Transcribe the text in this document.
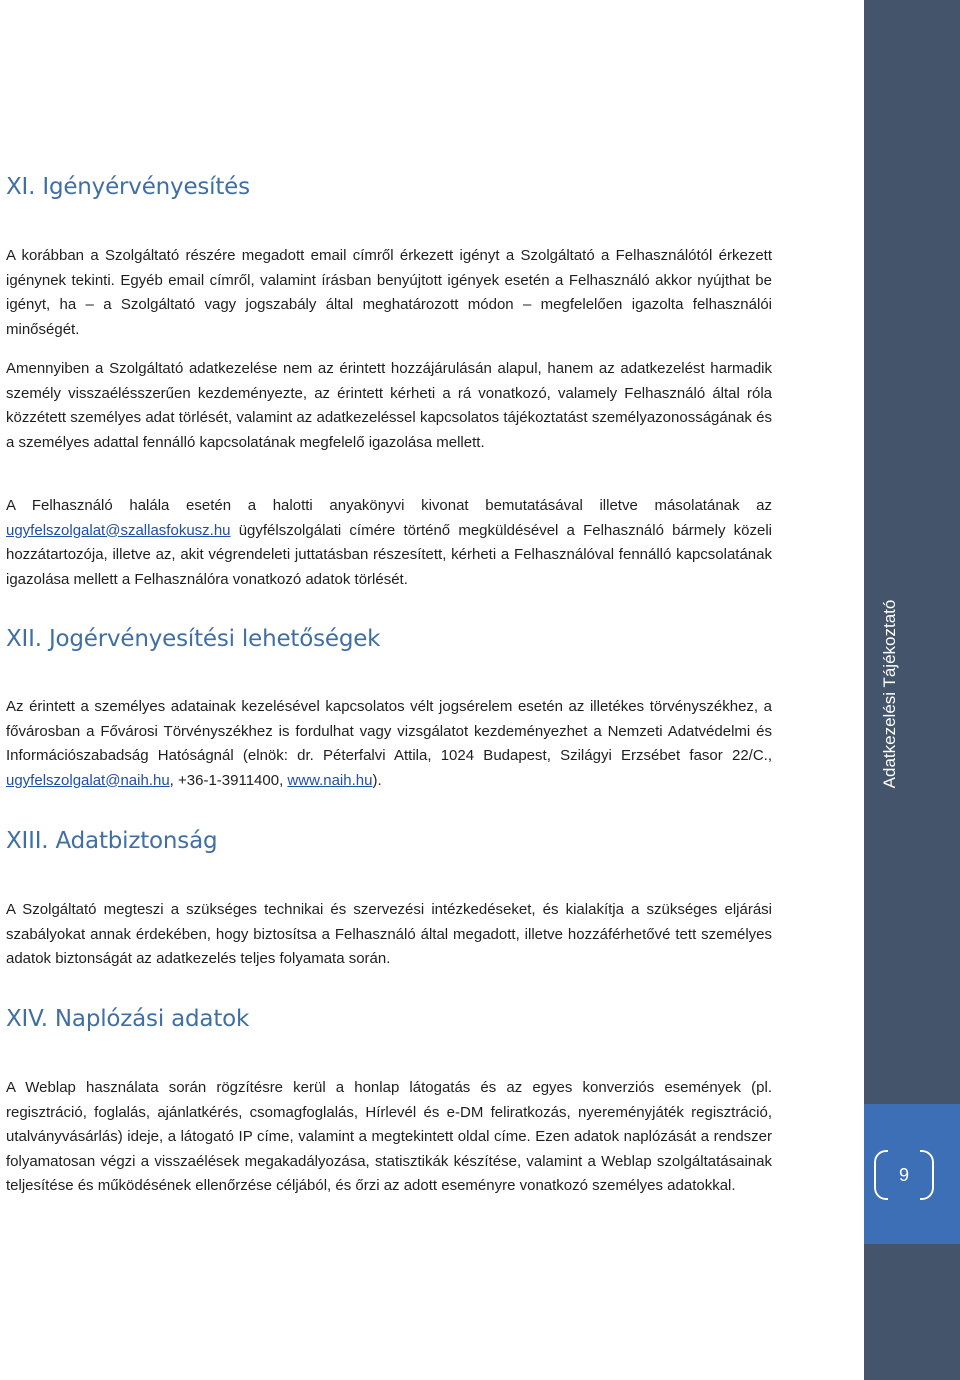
XI. Igényérvényesítés

A korábban a Szolgáltató részére megadott email címről érkezett igényt a Szolgáltató a Felhasználótól érkezett igénynek tekinti. Egyéb email címről, valamint írásban benyújtott igények esetén a Felhasználó akkor nyújthat be igényt, ha – a Szolgáltató vagy jogszabály által meghatározott módon – megfelelően igazolta felhasználói minőségét.

Amennyiben a Szolgáltató adatkezelése nem az érintett hozzájárulásán alapul, hanem az adatkezelést harmadik személy visszaélésszerűen kezdeményezte, az érintett kérheti a rá vonatkozó, valamely Felhasználó által róla közzétett személyes adat törlését, valamint az adatkezeléssel kapcsolatos tájékoztatást személyazonosságának és a személyes adattal fennálló kapcsolatának megfelelő igazolása mellett.

A Felhasználó halála esetén a halotti anyakönyvi kivonat bemutatásával illetve másolatának az ugyfelszolgalat@szallasfokusz.hu ügyfélszolgálati címére történő megküldésével a Felhasználó bármely közeli hozzátartozója, illetve az, akit végrendeleti juttatásban részesített, kérheti a Felhasználóval fennálló kapcsolatának igazolása mellett a Felhasználóra vonatkozó adatok törlését.

XII. Jogérvényesítési lehetőségek

Az érintett a személyes adatainak kezelésével kapcsolatos vélt jogsérelem esetén az illetékes törvényszékhez, a fővárosban a Fővárosi Törvényszékhez is fordulhat vagy vizsgálatot kezdeményezhet a Nemzeti Adatvédelmi és Információszabadság Hatóságnál (elnök: dr. Péterfalvi Attila, 1024 Budapest, Szilágyi Erzsébet fasor 22/C., ugyfelszolgalat@naih.hu, +36-1-3911400, www.naih.hu).

XIII. Adatbiztonság

A Szolgáltató megteszi a szükséges technikai és szervezési intézkedéseket, és kialakítja a szükséges eljárási szabályokat annak érdekében, hogy biztosítsa a Felhasználó által megadott, illetve hozzáférhetővé tett személyes adatok biztonságát az adatkezelés teljes folyamata során.

XIV. Naplózási adatok

A Weblap használata során rögzítésre kerül a honlap látogatás és az egyes konverziós események (pl. regisztráció, foglalás, ajánlatkérés, csomagfoglalás, Hírlevél és e-DM feliratkozás, nyereményjáték regisztráció, utalványvásárlás) ideje, a látogató IP címe, valamint a megtekintett oldal címe. Ezen adatok naplózását a rendszer folyamatosan végzi a visszaélések megakadályozása, statisztikák készítése, valamint a Weblap szolgáltatásainak teljesítése és működésének ellenőrzése céljából, és őrzi az adott eseményre vonatkozó személyes adatokkal.

Adatkezelési Tájékoztató
9
